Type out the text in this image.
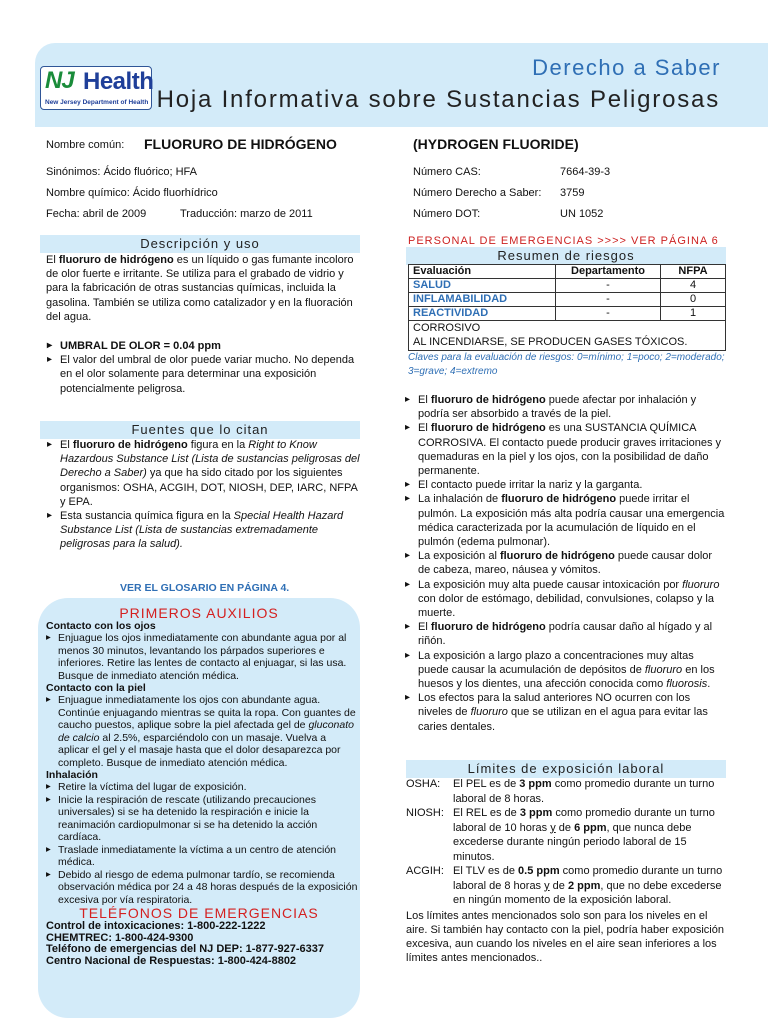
NJ Health
New Jersey Department of Health
Derecho a Saber
Hoja Informativa sobre Sustancias Peligrosas
Nombre común: FLUORURO DE HIDRÓGENO	(HYDROGEN FLUORIDE)
Sinónimos: Ácido fluórico; HFA
Nombre químico: Ácido fluorhídrico
Fecha: abril de 2009	Traducción: marzo de 2011
Número CAS:	7664-39-3
Número Derecho a Saber: 3759
Número DOT:	UN 1052
Descripción y uso
El fluoruro de hidrógeno es un líquido o gas fumante incoloro de olor fuerte e irritante. Se utiliza para el grabado de vidrio y para la fabricación de otras sustancias químicas, incluida la gasolina. También se utiliza como catalizador y en la fluoración del agua.
▸ UMBRAL DE OLOR = 0.04 ppm
▸ El valor del umbral de olor puede variar mucho. No dependa en el olor solamente para determinar una exposición potencialmente peligrosa.
Fuentes que lo citan
▸ El fluoruro de hidrógeno figura en la Right to Know Hazardous Substance List (Lista de sustancias peligrosas del Derecho a Saber) ya que ha sido citado por los siguientes organismos: OSHA, ACGIH, DOT, NIOSH, DEP, IARC, NFPA y EPA.
▸ Esta sustancia química figura en la Special Health Hazard Substance List (Lista de sustancias extremadamente peligrosas para la salud).
VER EL GLOSARIO EN PÁGINA 4.
PRIMEROS AUXILIOS
Contacto con los ojos
▸ Enjuague los ojos inmediatamente con abundante agua por al menos 30 minutos, levantando los párpados superiores e inferiores. Retire las lentes de contacto al enjuagar, si las usa. Busque de inmediato atención médica.
Contacto con la piel
▸ Enjuague inmediatamente los ojos con abundante agua. Continúe enjuagando mientras se quita la ropa. Con guantes de caucho puestos, aplique sobre la piel afectada gel de gluconato de calcio al 2.5%, esparciéndolo con un masaje. Vuelva a aplicar el gel y el masaje hasta que el dolor desaparezca por completo. Busque de inmediato atención médica.
Inhalación
▸ Retire la víctima del lugar de exposición.
▸ Inicie la respiración de rescate (utilizando precauciones universales) si se ha detenido la respiración e inicie la reanimación cardiopulmonar si se ha detenido la acción cardíaca.
▸ Traslade inmediatamente la víctima a un centro de atención médica.
▸ Debido al riesgo de edema pulmonar tardío, se recomienda observación médica por 24 a 48 horas después de la exposición excesiva por vía respiratoria.
TELÉFONOS DE EMERGENCIAS
Control de intoxicaciones: 1-800-222-1222
CHEMTREC: 1-800-424-9300
Teléfono de emergencias del NJ DEP: 1-877-927-6337
Centro Nacional de Respuestas: 1-800-424-8802
PERSONAL DE EMERGENCIAS >>>> VER PÁGINA 6
Resumen de riesgos
Evaluación	Departamento	NFPA
SALUD	-	4
INFLAMABILIDAD	-	0
REACTIVIDAD	-	1

CORROSIVO
AL INCENDIARSE, SE PRODUCEN GASES TÓXICOS.		
Claves para la evaluación de riesgos: 0=mínimo; 1=poco; 2=moderado; 3=grave; 4=extremo
▸ El fluoruro de hidrógeno puede afectar por inhalación y podría ser absorbido a través de la piel.
▸ El fluoruro de hidrógeno es una SUSTANCIA QUÍMICA CORROSIVA. El contacto puede producir graves irritaciones y quemaduras en la piel y los ojos, con la posibilidad de daño permanente.
▸ El contacto puede irritar la nariz y la garganta.
▸ La inhalación de fluoruro de hidrógeno puede irritar el pulmón. La exposición más alta podría causar una emergencia médica caracterizada por la acumulación de líquido en el pulmón (edema pulmonar).
▸ La exposición al fluoruro de hidrógeno puede causar dolor de cabeza, mareo, náusea y vómitos.
▸ La exposición muy alta puede causar intoxicación por fluoruro con dolor de estómago, debilidad, convulsiones, colapso y la muerte.
▸ El fluoruro de hidrógeno podría causar daño al hígado y al riñón.
▸ La exposición a largo plazo a concentraciones muy altas puede causar la acumulación de depósitos de fluoruro en los huesos y los dientes, una afección conocida como fluorosis.
▸ Los efectos para la salud anteriores NO ocurren con los niveles de fluoruro que se utilizan en el agua para evitar las caries dentales.
Límites de exposición laboral
OSHA:	El PEL es de 3 ppm como promedio durante un turno laboral de 8 horas.
NIOSH: El REL es de 3 ppm como promedio durante un turno laboral de 10 horas y de 6 ppm, que nunca debe excederse durante ningún periodo laboral de 15 minutos.
ACGIH: El TLV es de 0.5 ppm como promedio durante un turno laboral de 8 horas y de 2 ppm, que no debe excederse en ningún momento de la exposición laboral.
Los límites antes mencionados solo son para los niveles en el aire. Si también hay contacto con la piel, podría haber exposición excesiva, aun cuando los niveles en el aire sean inferiores a los límites antes mencionados..
